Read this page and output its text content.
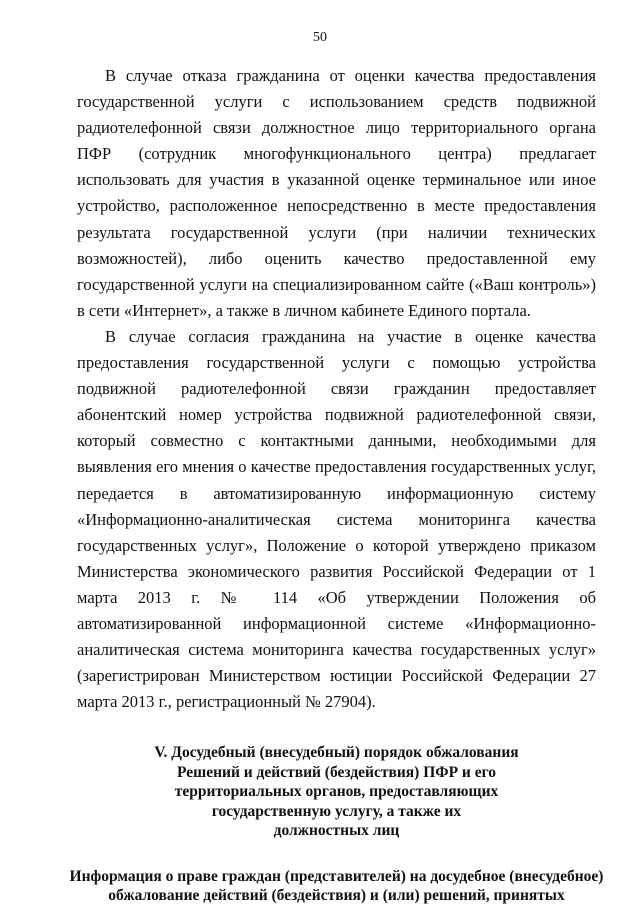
50

В случае отказа гражданина от оценки качества предоставления государственной услуги с использованием средств подвижной радиотелефонной связи должностное лицо территориального органа ПФР (сотрудник многофункционального центра) предлагает использовать для участия в указанной оценке терминальное или иное устройство, расположенное непосредственно в месте предоставления результата государственной услуги (при наличии технических возможностей), либо оценить качество предоставленной ему государственной услуги на специализированном сайте («Ваш контроль») в сети «Интернет», а также в личном кабинете Единого портала.

В случае согласия гражданина на участие в оценке качества предоставления государственной услуги с помощью устройства подвижной радиотелефонной связи гражданин предоставляет абонентский номер устройства подвижной радиотелефонной связи, который совместно с контактными данными, необходимыми для выявления его мнения о качестве предоставления государственных услуг, передается в автоматизированную информационную систему «Информационно-аналитическая система мониторинга качества государственных услуг», Положение о которой утверждено приказом Министерства экономического развития Российской Федерации от 1 марта 2013 г. № 114 «Об утверждении Положения об автоматизированной информационной системе «Информационно-аналитическая система мониторинга качества государственных услуг» (зарегистрирован Министерством юстиции Российской Федерации 27 марта 2013 г., регистрационный № 27904).

V. Досудебный (внесудебный) порядок обжалования
Решений и действий (бездействия) ПФР и его
территориальных органов, предоставляющих
государственную услугу, а также их
должностных лиц
Информация о праве граждан (представителей) на досудебное (внесудебное)
обжалование действий (бездействия) и (или) решений, принятых
